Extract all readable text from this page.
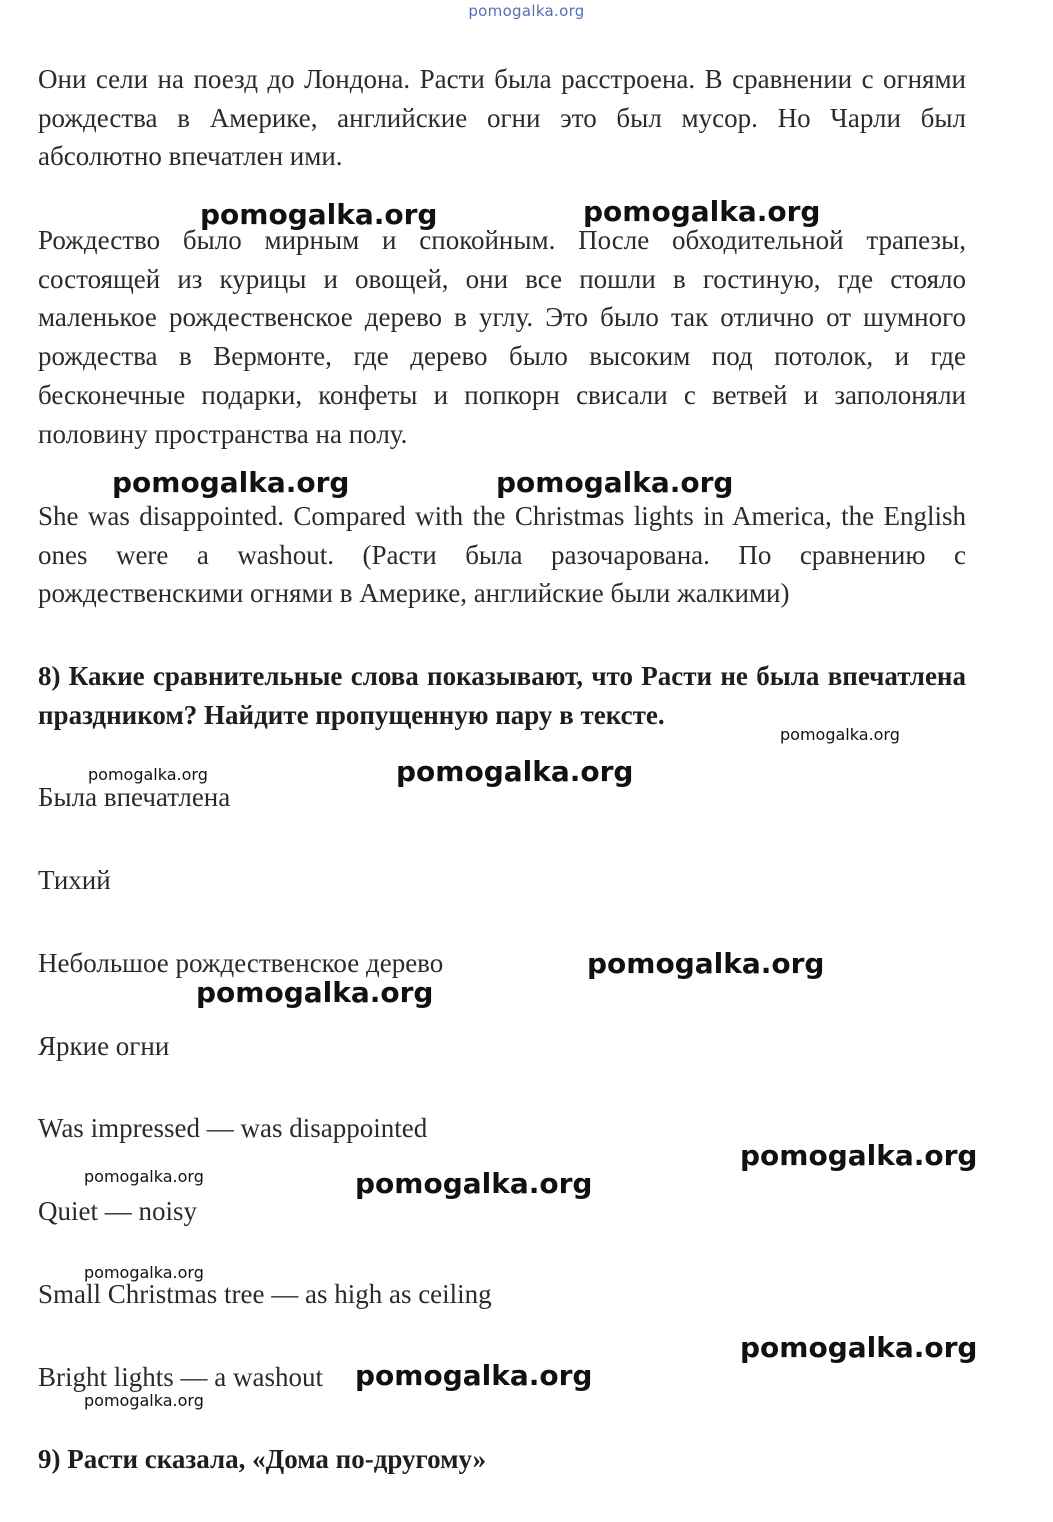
pomogalka.org

Они сели на поезд до Лондона. Расти была расстроена. В сравнении с огнями рождества в Америке, английские огни это был мусор. Но Чарли был абсолютно впечатлен ими.

Рождество было мирным и спокойным. После обходительной трапезы, состоящей из курицы и овощей, они все пошли в гостиную, где стояло маленькое рождественское дерево в углу. Это было так отлично от шумного рождества в Вермонте, где дерево было высоким под потолок, и где бесконечные подарки, конфеты и попкорн свисали с ветвей и заполоняли половину пространства на полу.

She was disappointed. Compared with the Christmas lights in America, the English ones were a washout. (Расти была разочарована. По сравнению с рождественскими огнями в Америке, английские были жалкими)

8) Какие сравнительные слова показывают, что Расти не была впечатлена праздником? Найдите пропущенную пару в тексте.

Была впечатлена
Тихий
Небольшое рождественское дерево
Яркие огни
Was impressed — was disappointed
Quiet — noisy
Small Christmas tree — as high as ceiling
Bright lights — a washout

9) Расти сказала, «Дома по-другому»

pomogalka.org	pomogalka.org
pomogalka.org	pomogalka.org
pomogalka.org
pomogalka.org	pomogalka.org
pomogalka.org
pomogalka.org
pomogalka.org
pomogalka.org	pomogalka.org
pomogalka.org
pomogalka.org
pomogalka.org
pomogalka.org
